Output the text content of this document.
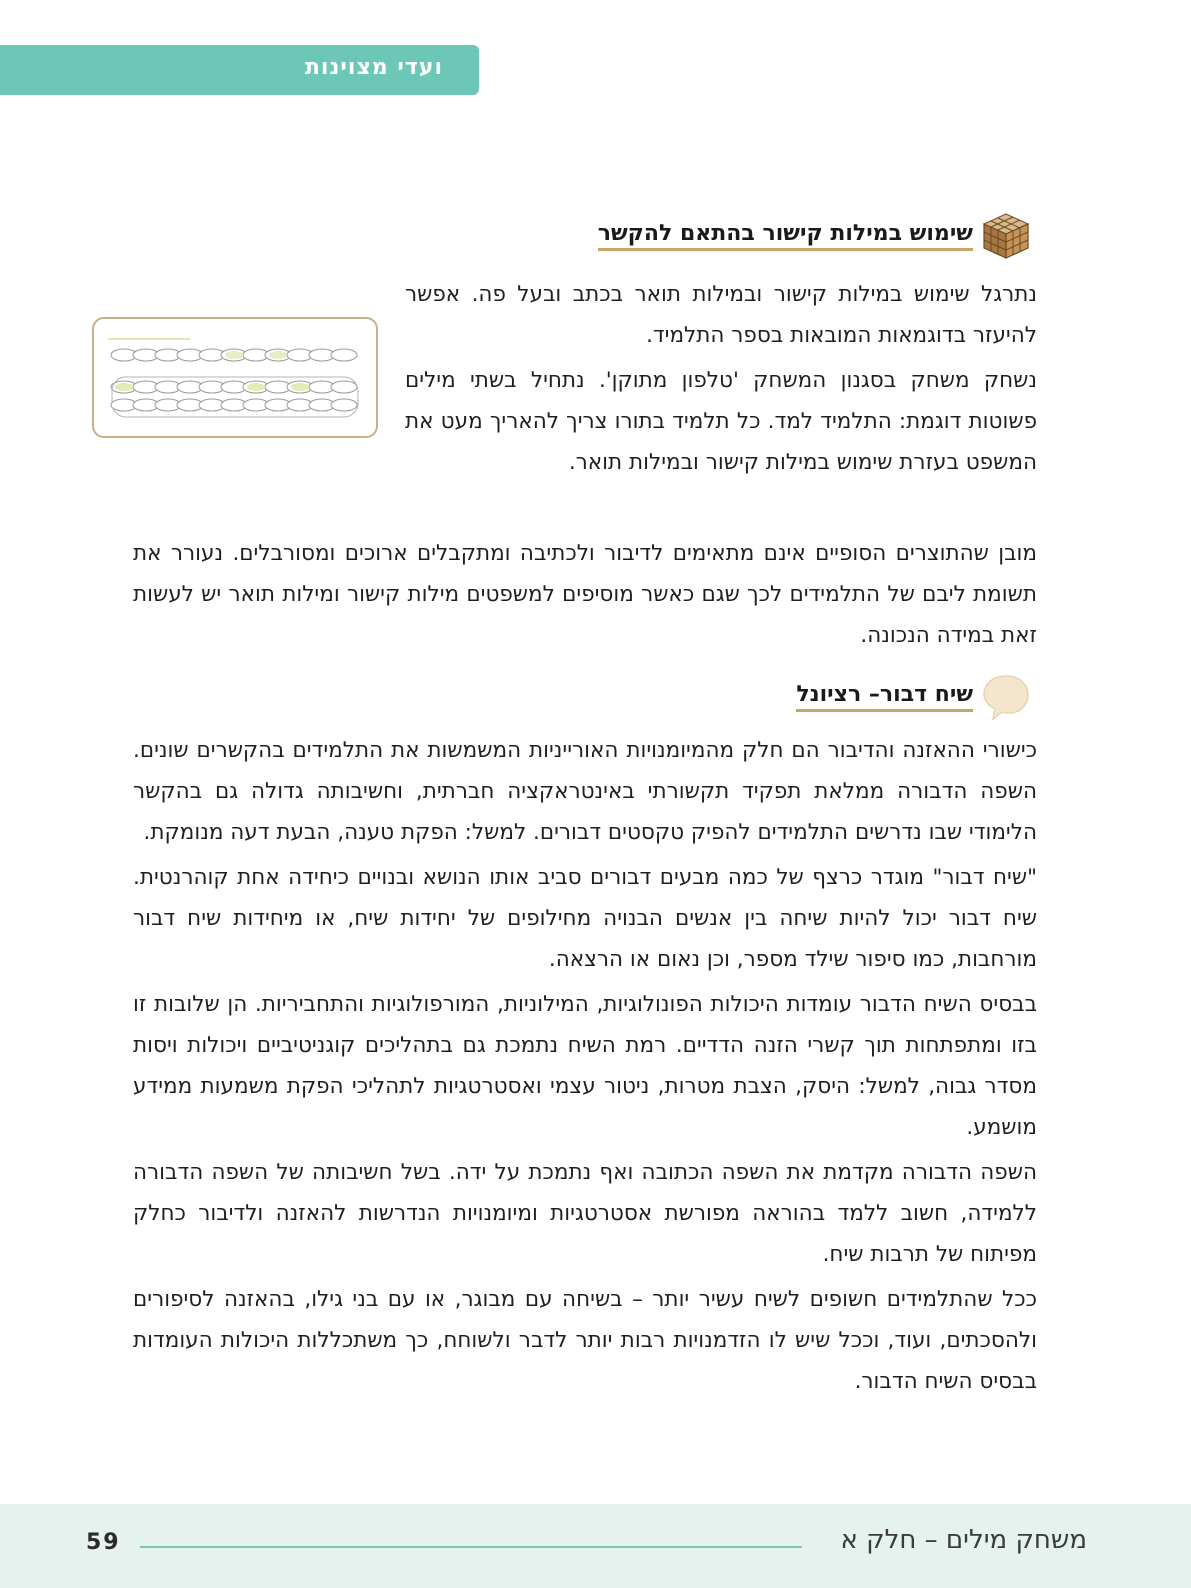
ועדי מצוינות
שימוש במילות קישור בהתאם להקשר

נתרגל שימוש במילות קישור ובמילות תואר בכתב ובעל פה. אפשר להיעזר בדוגמאות המובאות בספר התלמיד.

נשחק משחק בסגנון המשחק 'טלפון מתוקן'. נתחיל בשתי מילים פשוטות דוגמת: התלמיד למד. כל תלמיד בתורו צריך להאריך מעט את המשפט בעזרת שימוש במילות קישור ובמילות תואר.

מובן שהתוצרים הסופיים אינם מתאימים לדיבור ולכתיבה ומתקבלים ארוכים ומסורבלים. נעורר את תשומת ליבם של התלמידים לכך שגם כאשר מוסיפים למשפטים מילות קישור ומילות תואר יש לעשות זאת במידה הנכונה.

שיח דבור– רציונל

כישורי ההאזנה והדיבור הם חלק מהמיומנויות האורייניות המשמשות את התלמידים בהקשרים שונים. השפה הדבורה ממלאת תפקיד תקשורתי באינטראקציה חברתית, וחשיבותה גדולה גם בהקשר הלימודי שבו נדרשים התלמידים להפיק טקסטים דבורים. למשל: הפקת טענה, הבעת דעה מנומקת.

"שיח דבור" מוגדר כרצף של כמה מבעים דבורים סביב אותו הנושא ובנויים כיחידה אחת קוהרנטית. שיח דבור יכול להיות שיחה בין אנשים הבנויה מחילופים של יחידות שיח, או מיחידות שיח דבור מורחבות, כמו סיפור שילד מספר, וכן נאום או הרצאה.

בבסיס השיח הדבור עומדות היכולות הפונולוגיות, המילוניות, המורפולוגיות והתחביריות. הן שלובות זו בזו ומתפתחות תוך קשרי הזנה הדדיים. רמת השיח נתמכת גם בתהליכים קוגניטיביים ויכולות ויסות מסדר גבוה, למשל: היסק, הצבת מטרות, ניטור עצמי ואסטרטגיות לתהליכי הפקת משמעות ממידע מושמע.

השפה הדבורה מקדמת את השפה הכתובה ואף נתמכת על ידה. בשל חשיבותה של השפה הדבורה ללמידה, חשוב ללמד בהוראה מפורשת אסטרטגיות ומיומנויות הנדרשות להאזנה ולדיבור כחלק מפיתוח של תרבות שיח.

ככל שהתלמידים חשופים לשיח עשיר יותר – בשיחה עם מבוגר, או עם בני גילו, בהאזנה לסיפורים ולהסכתים, ועוד, וככל שיש לו הזדמנויות רבות יותר לדבר ולשוחח, כך משתכללות היכולות העומדות בבסיס השיח הדבור.

משחק מילים – חלק א
59
